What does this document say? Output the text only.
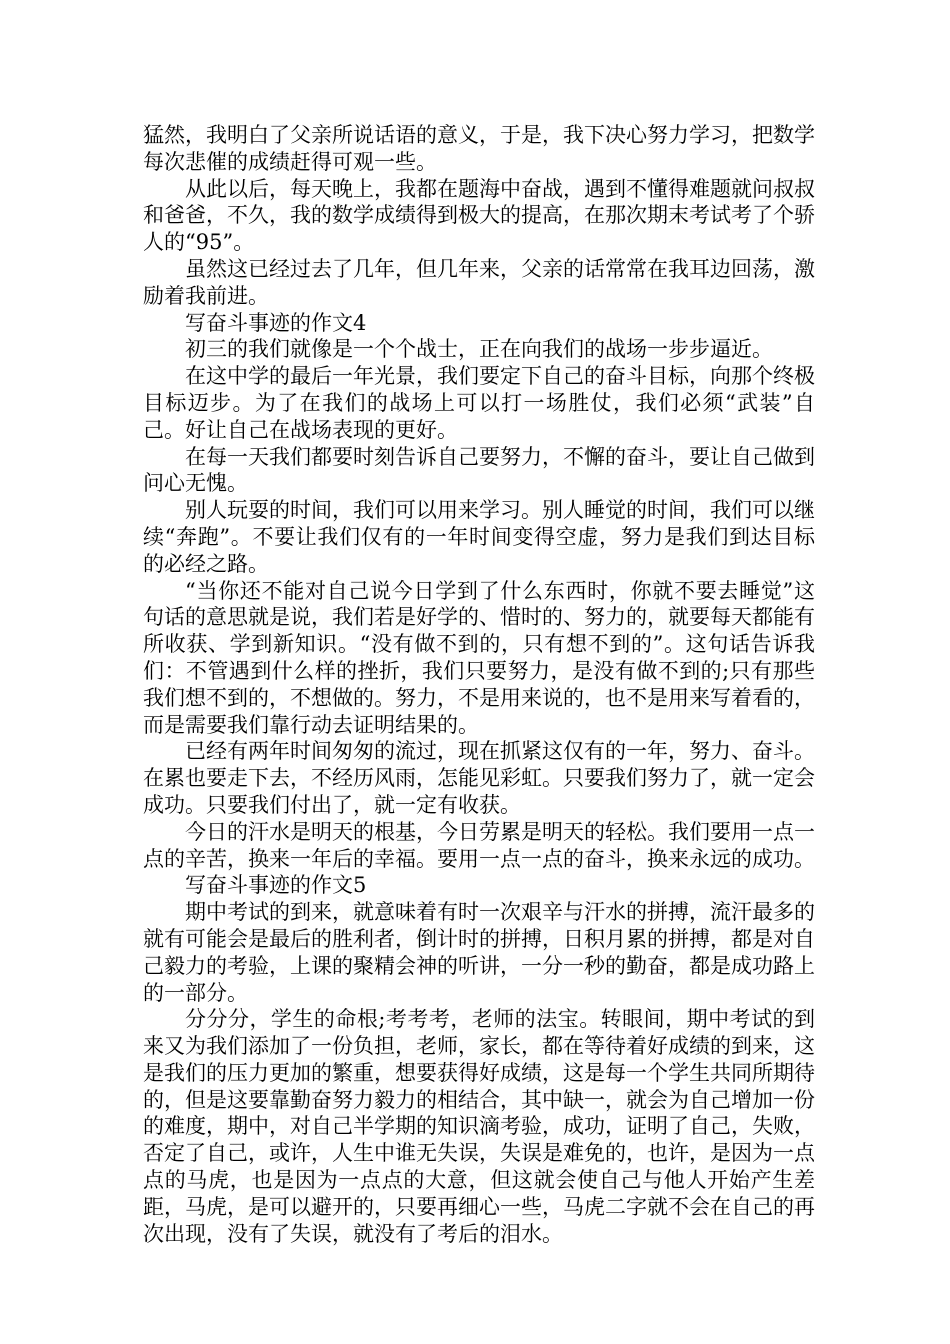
猛然，我明白了父亲所说话语的意义，于是，我下决心努力学习，把数学每次悲催的成绩赶得可观一些。

从此以后，每天晚上，我都在题海中奋战，遇到不懂得难题就问叔叔和爸爸，不久，我的数学成绩得到极大的提高，在那次期末考试考了个骄人的“95”。

虽然这已经过去了几年，但几年来，父亲的话常常在我耳边回荡，激励着我前进。

写奋斗事迹的作文4

初三的我们就像是一个个战士，正在向我们的战场一步步逼近。

在这中学的最后一年光景，我们要定下自己的奋斗目标，向那个终极目标迈步。为了在我们的战场上可以打一场胜仗，我们必须“武装”自己。好让自己在战场表现的更好。

在每一天我们都要时刻告诉自己要努力，不懈的奋斗，要让自己做到问心无愧。

别人玩耍的时间，我们可以用来学习。别人睡觉的时间，我们可以继续“奔跑”。不要让我们仅有的一年时间变得空虚，努力是我们到达目标的必经之路。

“当你还不能对自己说今日学到了什么东西时，你就不要去睡觉”这句话的意思就是说，我们若是好学的、惜时的、努力的，就要每天都能有所收获、学到新知识。“没有做不到的，只有想不到的”。这句话告诉我们：不管遇到什么样的挫折，我们只要努力，是没有做不到的;只有那些我们想不到的，不想做的。努力，不是用来说的，也不是用来写着看的，而是需要我们靠行动去证明结果的。

已经有两年时间匆匆的流过，现在抓紧这仅有的一年，努力、奋斗。在累也要走下去，不经历风雨，怎能见彩虹。只要我们努力了，就一定会成功。只要我们付出了，就一定有收获。

今日的汗水是明天的根基，今日劳累是明天的轻松。我们要用一点一点的辛苦，换来一年后的幸福。要用一点一点的奋斗，换来永远的成功。

写奋斗事迹的作文5

期中考试的到来，就意味着有时一次艰辛与汗水的拼搏，流汗最多的就有可能会是最后的胜利者，倒计时的拼搏，日积月累的拼搏，都是对自己毅力的考验，上课的聚精会神的听讲，一分一秒的勤奋，都是成功路上的一部分。

分分分，学生的命根;考考考，老师的法宝。转眼间，期中考试的到来又为我们添加了一份负担，老师，家长，都在等待着好成绩的到来，这是我们的压力更加的繁重，想要获得好成绩，这是每一个学生共同所期待的，但是这要靠勤奋努力毅力的相结合，其中缺一，就会为自己增加一份的难度，期中，对自己半学期的知识滴考验，成功，证明了自己，失败，否定了自己，或许，人生中谁无失误，失误是难免的，也许，是因为一点点的马虎，也是因为一点点的大意，但这就会使自己与他人开始产生差距，马虎，是可以避开的，只要再细心一些，马虎二字就不会在自己的再次出现，没有了失误，就没有了考后的泪水。
